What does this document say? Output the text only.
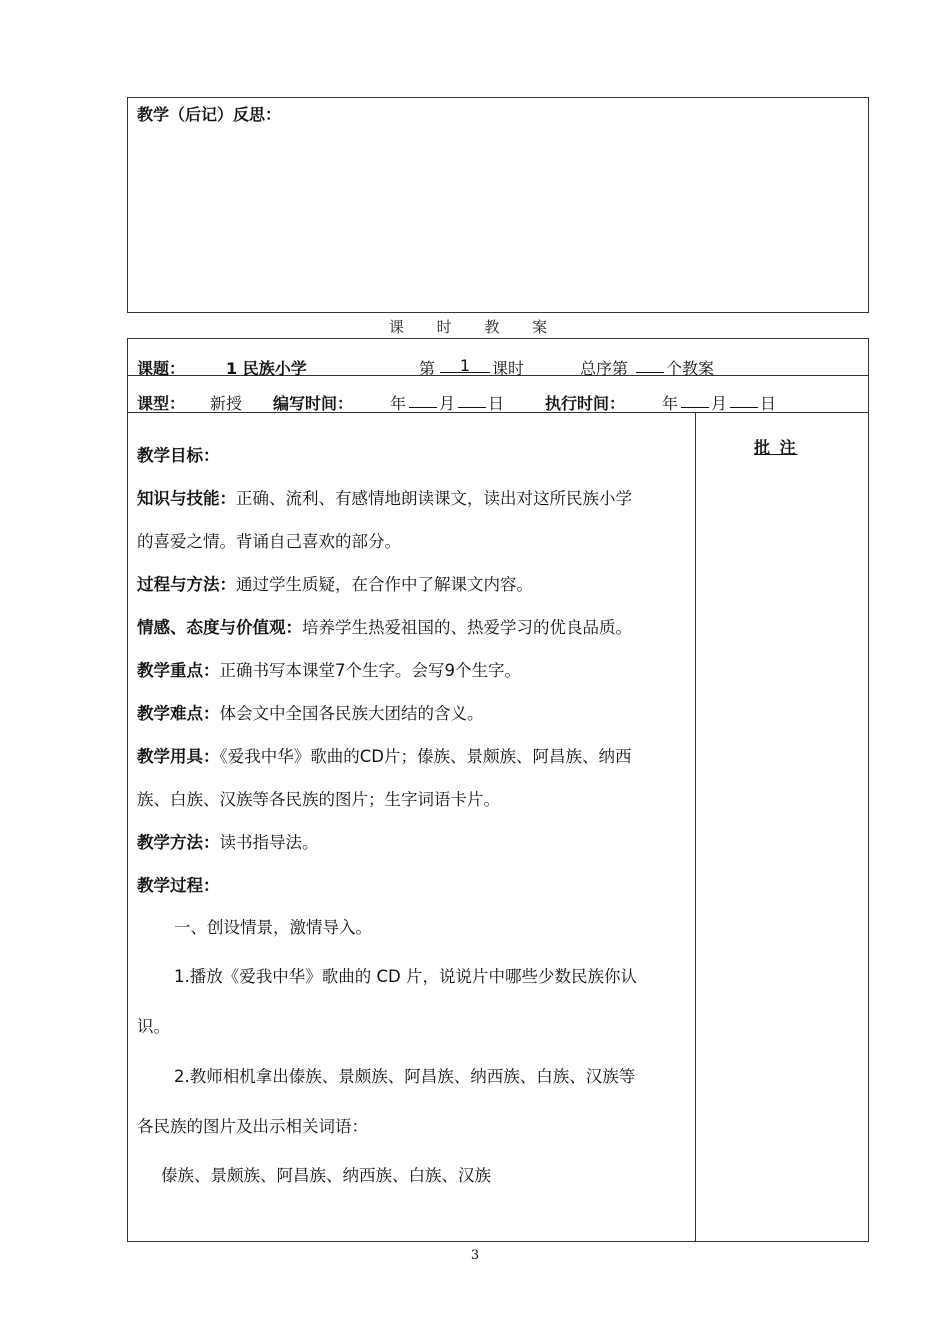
教学（后记）反思：
课 时 教 案
课题：	1 民族小学	第	1	课时	总序第 个教案
课型： 新授 编写时间： 年 月 日	执行时间： 年 月 日
批 注
教学目标：
知识与技能：正确、流利、有感情地朗读课文，读出对这所民族小学
的喜爱之情。背诵自己喜欢的部分。
过程与方法：通过学生质疑，在合作中了解课文内容。
情感、态度与价值观：培养学生热爱祖国的、热爱学习的优良品质。
教学重点：正确书写本课堂7个生字。会写9个生字。
教学难点：体会文中全国各民族大团结的含义。
教学用具：《爱我中华》歌曲的CD片；傣族、景颇族、阿昌族、纳西
族、白族、汉族等各民族的图片；生字词语卡片。
教学方法：读书指导法。
教学过程：
一、创设情景，激情导入。
1.播放《爱我中华》歌曲的 CD 片，说说片中哪些少数民族你认
识。
2.教师相机拿出傣族、景颇族、阿昌族、纳西族、白族、汉族等
各民族的图片及出示相关词语：
傣族、景颇族、阿昌族、纳西族、白族、汉族
3
